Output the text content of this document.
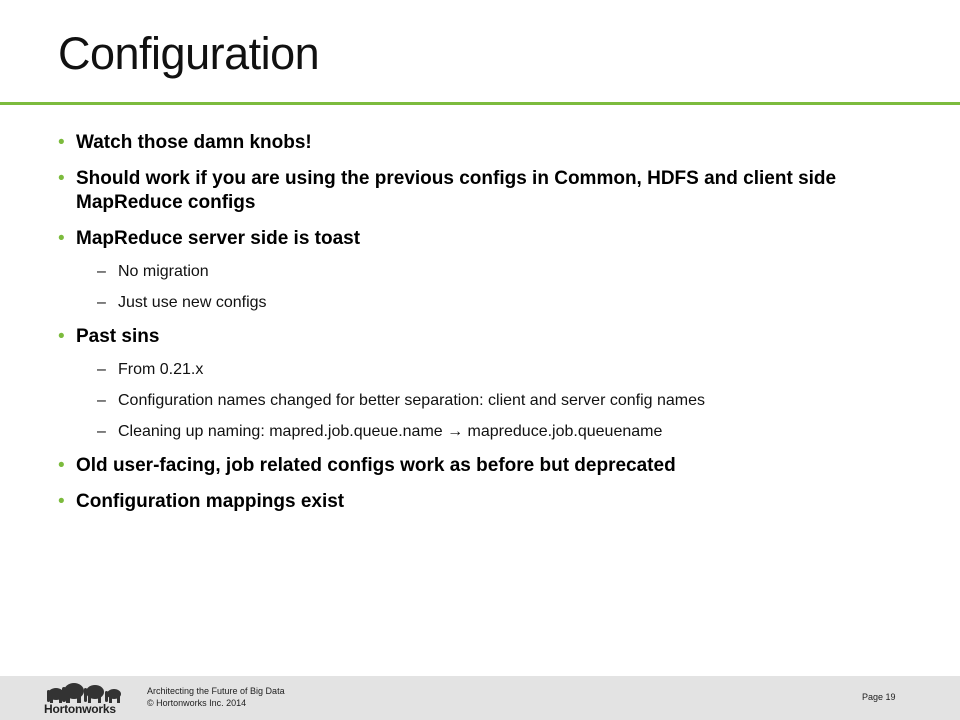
Configuration
• Watch those damn knobs!
• Should work if you are using the previous configs in Common, HDFS and client side MapReduce configs
• MapReduce server side is toast
– No migration
– Just use new configs
• Past sins
– From 0.21.x
– Configuration names changed for better separation: client and server config names
– Cleaning up naming: mapred.job.queue.name → mapreduce.job.queuename
• Old user-facing, job related configs work as before but deprecated
• Configuration mappings exist
Hortonworks
Architecting the Future of Big Data
© Hortonworks Inc. 2014
Page 19
